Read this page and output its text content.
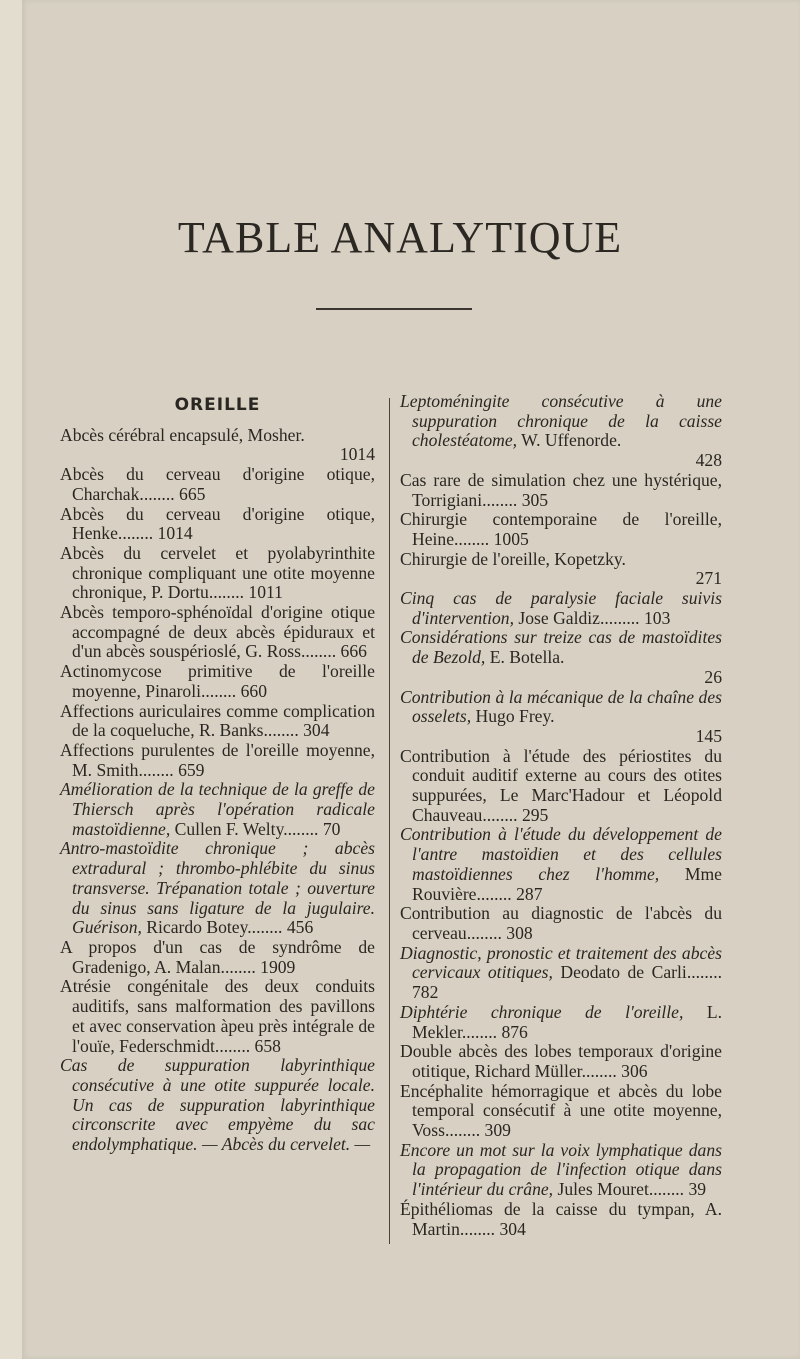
TABLE ANALYTIQUE
OREILLE
Abcès cérébral encapsulé, Mosher.
1014
Abcès du cerveau d'origine otique, Charchak........ 665
Abcès du cerveau d'origine otique, Henke........ 1014
Abcès du cervelet et pyolabyrinthite chronique compliquant une otite moyenne chronique, P. Dortu........ 1011
Abcès temporo-sphénoïdal d'origine otique accompagné de deux abcès épiduraux et d'un abcès souspérioslé, G. Ross........ 666
Actinomycose primitive de l'oreille moyenne, Pinaroli........ 660
Affections auriculaires comme complication de la coqueluche, R. Banks........ 304
Affections purulentes de l'oreille moyenne, M. Smith........ 659
Amélioration de la technique de la greffe de Thiersch après l'opération radicale mastoïdienne, Cullen F. Welty........ 70
Antro-mastoïdite chronique ; abcès extradural ; thrombo-phlébite du sinus transverse. Trépanation totale ; ouverture du sinus sans ligature de la jugulaire. Guérison, Ricardo Botey........ 456
A propos d'un cas de syndrôme de Gradenigo, A. Malan........ 1909
Atrésie congénitale des deux conduits auditifs, sans malformation des pavillons et avec conservation àpeu près intégrale de l'ouïe, Federschmidt........ 658
Cas de suppuration labyrinthique consécutive à une otite suppurée locale. Un cas de suppuration labyrinthique circonscrite avec empyème du sac endolymphatique. — Abcès du cervelet. —
Leptoméningite consécutive à une suppuration chronique de la caisse cholestéatome, W. Uffenorde.
428
Cas rare de simulation chez une hystérique, Torrigiani........ 305
Chirurgie contemporaine de l'oreille, Heine........ 1005
Chirurgie de l'oreille, Kopetzky.
271
Cinq cas de paralysie faciale suivis d'intervention, Jose Galdiz......... 103
Considérations sur treize cas de mastoïdites de Bezold, E. Botella.
26
Contribution à la mécanique de la chaîne des osselets, Hugo Frey.
145
Contribution à l'étude des périostites du conduit auditif externe au cours des otites suppurées, Le Marc'Hadour et Léopold Chauveau........ 295
Contribution à l'étude du développement de l'antre mastoïdien et des cellules mastoïdiennes chez l'homme, Mme Rouvière........ 287
Contribution au diagnostic de l'abcès du cerveau........ 308
Diagnostic, pronostic et traitement des abcès cervicaux otitiques, Deodato de Carli........ 782
Diphtérie chronique de l'oreille, L. Mekler........ 876
Double abcès des lobes temporaux d'origine otitique, Richard Müller........ 306
Encéphalite hémorragique et abcès du lobe temporal consécutif à une otite moyenne, Voss........ 309
Encore un mot sur la voix lymphatique dans la propagation de l'infection otique dans l'intérieur du crâne, Jules Mouret........ 39
Épithéliomas de la caisse du tympan, A. Martin........ 304
